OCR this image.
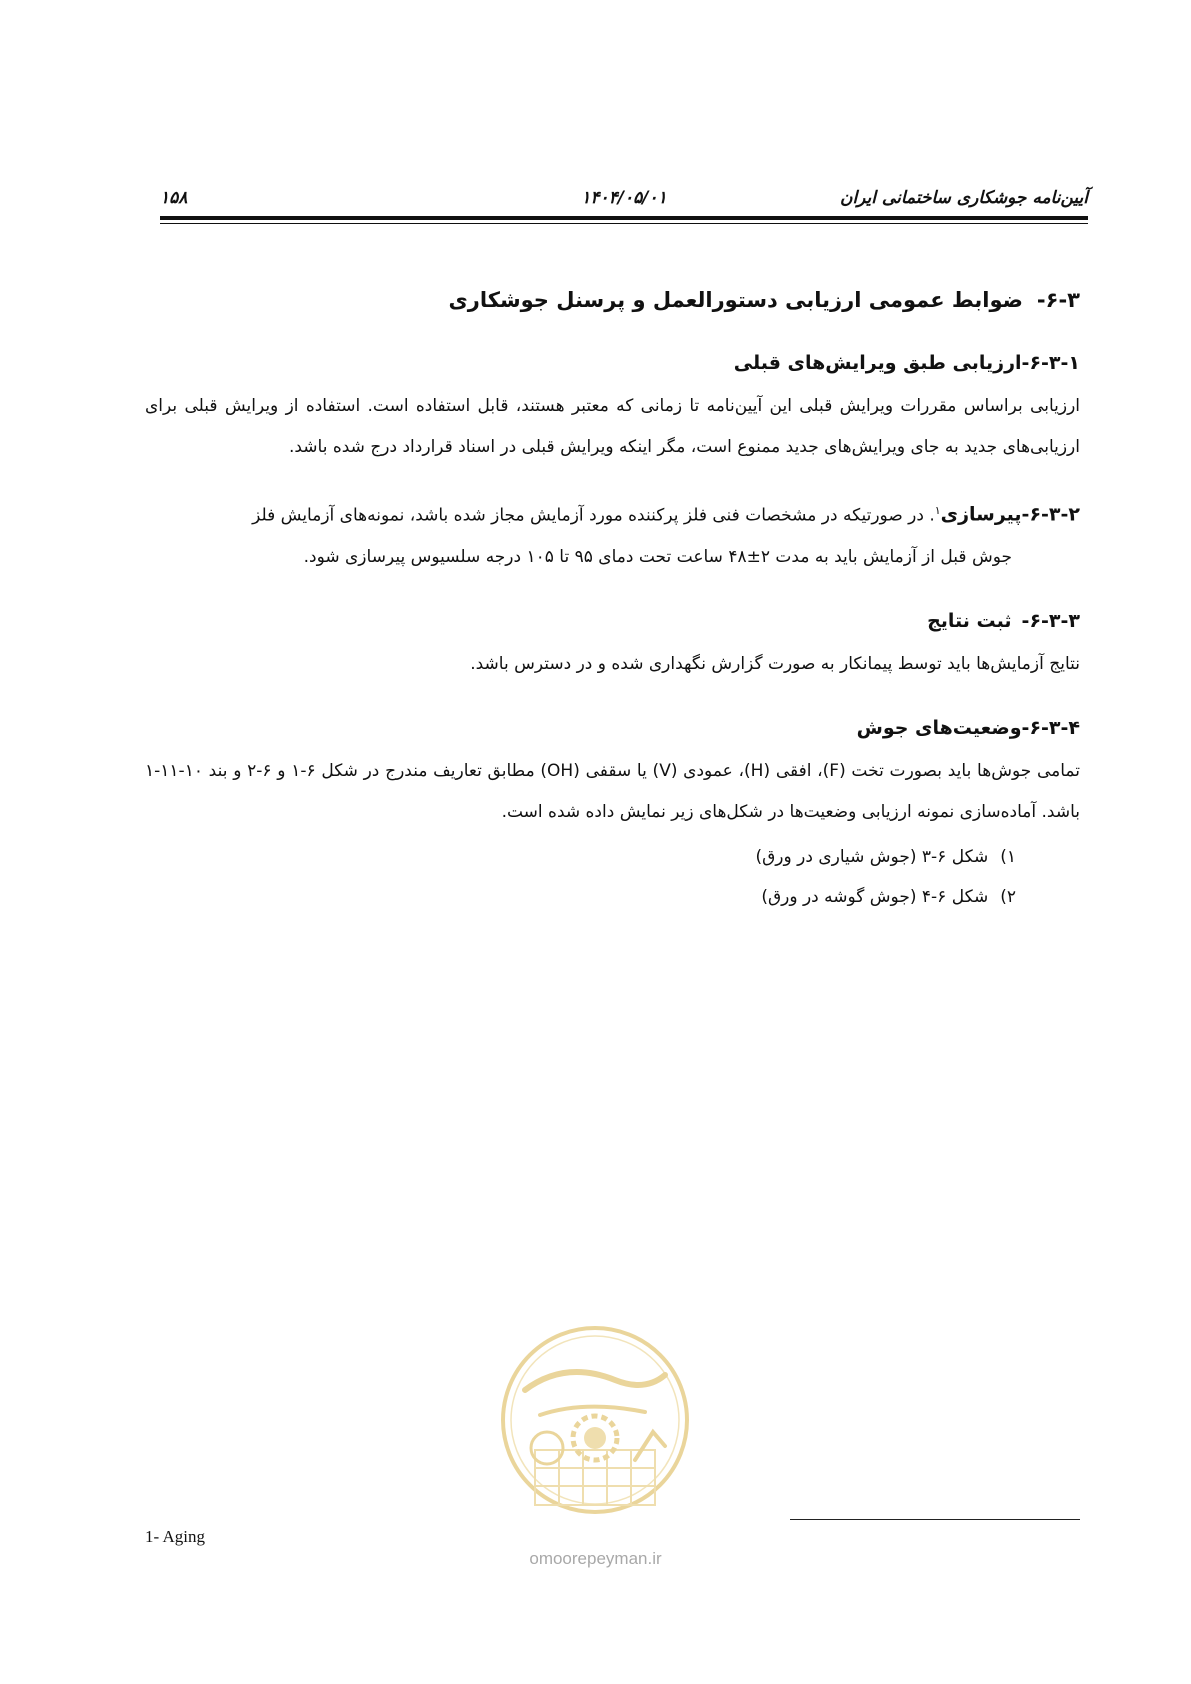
آیین‌نامه جوشکاری ساختمانی ایران
۱۴۰۴/۰۵/۰۱
۱۵۸
۶-۳-ضوابط عمومی ارزیابی دستورالعمل و پرسنل جوشکاری
۶-۳-۱-ارزیابی طبق ویرایش‌های قبلی

ارزیابی براساس مقررات ویرایش قبلی این آیین‌نامه تا زمانی که معتبر هستند، قابل استفاده است. استفاده از ویرایش قبلی برای ارزیابی‌های جدید به جای ویرایش‌های جدید ممنوع است، مگر اینکه ویرایش قبلی در اسناد قرارداد درج شده باشد.

۶-۳-۲-پیرسازی$^۱$. در صورتیکه در مشخصات فنی فلز پرکننده مورد آزمایش مجاز شده باشد، نمونه‌های آزمایش فلز

جوش قبل از آزمایش باید به مدت ۲±۴۸ ساعت تحت دمای ۹۵ تا ۱۰۵ درجه سلسیوس پیرسازی شود.

۶-۳-۳-ثبت نتایج

نتایج آزمایش‌ها باید توسط پیمانکار به صورت گزارش نگهداری شده و در دسترس باشد.

۶-۳-۴-وضعیت‌های جوش

تمامی جوش‌ها باید بصورت تخت (F)، افقی (H)، عمودی (V) یا سقفی (OH) مطابق تعاریف مندرج در شکل ۶-۱ و ۶-۲ و بند ۱۰-۱۱-۱ باشد. آماده‌سازی نمونه ارزیابی وضعیت‌ها در شکل‌های زیر نمایش داده شده است.

۱)شکل ۶-۳ (جوش شیاری در ورق)
۲)شکل ۶-۴ (جوش گوشه در ورق)
omoorepeyman.ir
1- Aging
